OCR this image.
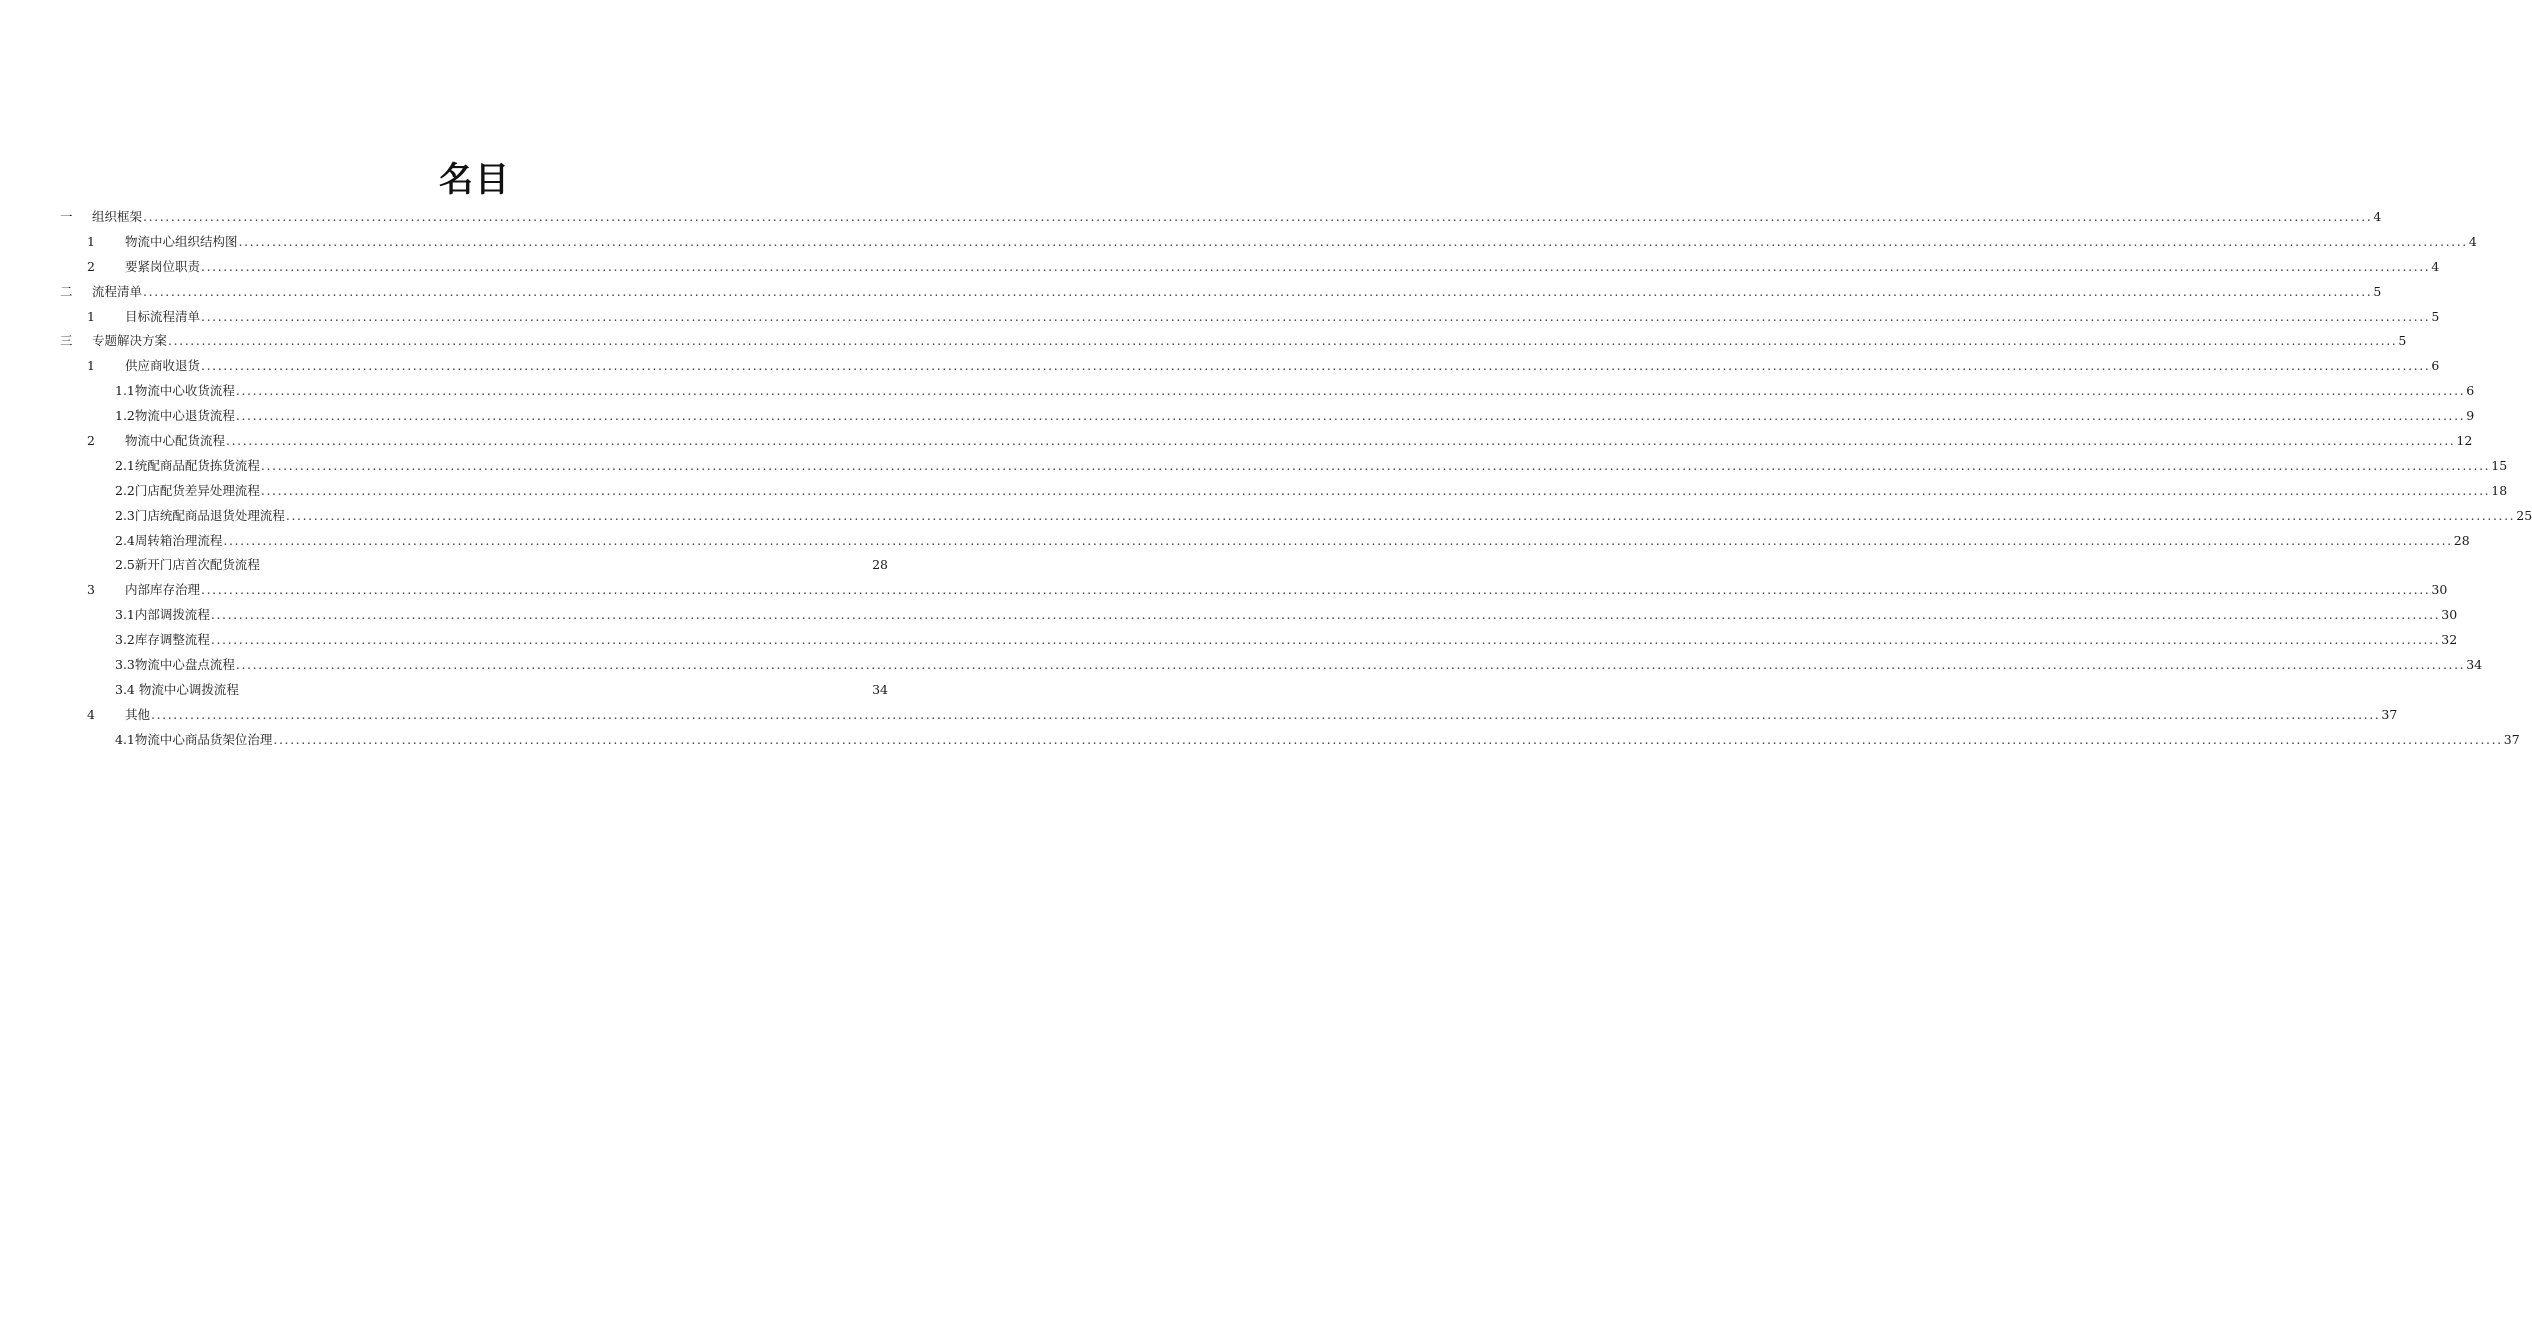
名目
一 组织框架 ................................................................................................................................................................................................................................................................................................................................................................................................................ 4
1 物流中心组织结构图 ................................................................................................................................................................................................................................................................................................................................................................................................................ 4
2 要紧岗位职责 ................................................................................................................................................................................................................................................................................................................................................................................................................ 4
二 流程清单 ................................................................................................................................................................................................................................................................................................................................................................................................................ 5
1 目标流程清单 ................................................................................................................................................................................................................................................................................................................................................................................................................ 5
三 专题解决方案 ................................................................................................................................................................................................................................................................................................................................................................................................................ 5
1 供应商收退货 ................................................................................................................................................................................................................................................................................................................................................................................................................ 6
1.1物流中心收货流程 ................................................................................................................................................................................................................................................................................................................................................................................................................ 6
1.2物流中心退货流程 ................................................................................................................................................................................................................................................................................................................................................................................................................ 9
2 物流中心配货流程 ................................................................................................................................................................................................................................................................................................................................................................................................................ 12
2.1统配商品配货拣货流程 ................................................................................................................................................................................................................................................................................................................................................................................................................ 15
2.2门店配货差异处理流程 ................................................................................................................................................................................................................................................................................................................................................................................................................ 18
2.3门店统配商品退货处理流程 ................................................................................................................................................................................................................................................................................................................................................................................................................ 25
2.4周转箱治理流程 ................................................................................................................................................................................................................................................................................................................................................................................................................ 28
2.5新开门店首次配货流程	28
3 内部库存治理 ................................................................................................................................................................................................................................................................................................................................................................................................................ 30
3.1内部调拨流程 ................................................................................................................................................................................................................................................................................................................................................................................................................ 30
3.2库存调整流程 ................................................................................................................................................................................................................................................................................................................................................................................................................ 32
3.3物流中心盘点流程 ................................................................................................................................................................................................................................................................................................................................................................................................................ 34
3.4 物流中心调拨流程	34
4 其他 ................................................................................................................................................................................................................................................................................................................................................................................................................ 37
4.1物流中心商品货架位治理 ................................................................................................................................................................................................................................................................................................................................................................................................................ 37
